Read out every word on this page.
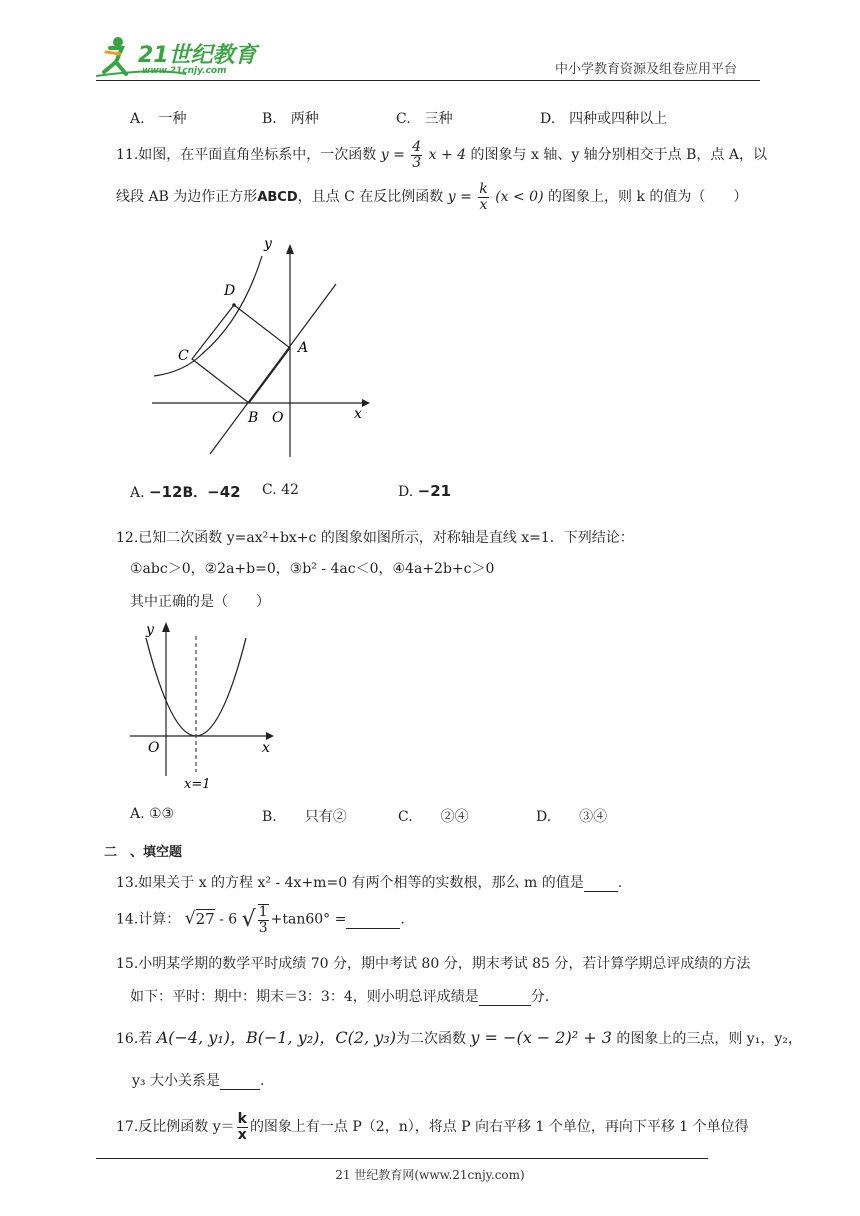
21世纪教育
www.21cnjy.com	中小学教育资源及组卷应用平台
A.　一种	B.　两种	C.　三种	D.　四种或四种以上
11.如图，在平面直角坐标系中，一次函数 $y = \frac{4}{3}$ x + 4 的图象与 x 轴、y 轴分别相交于点 B，点 A，以
线段 AB 为边作正方形ABCD，且点 C 在反比例函数 $y = \frac{k}{x} (x < 0)$ 的图象上，则 k 的值为（　　）
y
x
O
A
B
C
D
A. −12B．−42 C. 42	D. −21
12.已知二次函数 y=ax²+bx+c 的图象如图所示，对称轴是直线 x=1．下列结论：
①abc＞0，②2a+b=0，③b² - 4ac＜0，④4a+2b+c＞0
其中正确的是（　　）
y
x
O
x=1
A. ①③	B.　　只有②	C.　　②④	D.　　③④
二　、填空题
13.如果关于 x 的方程 x² - 4x+m=0 有两个相等的实数根，那么 m 的值是 .
14.计算： √27 - 6 √ $\frac{1}{3} +\tan 60^\circ$ =	.
15.小明某学期的数学平时成绩 70 分，期中考试 80 分，期末考试 85 分，若计算学期总评成绩的方法
如下：平时：期中：期末＝3：3：4，则小明总评成绩是	分.
16.若 A(−4, y₁)，B(−1, y₂)，C(2, y₃)为二次函数 y = −(x − 2)² + 3 的图象上的三点，则 y₁，y₂，
y₃ 大小关系是	.
17.反比例函数 $y= \frac{k}{x}$ 的图象上有一点 P（2，n），将点 P 向右平移 1 个单位，再向下平移 1 个单位得
21 世纪教育网(www.21cnjy.com)
